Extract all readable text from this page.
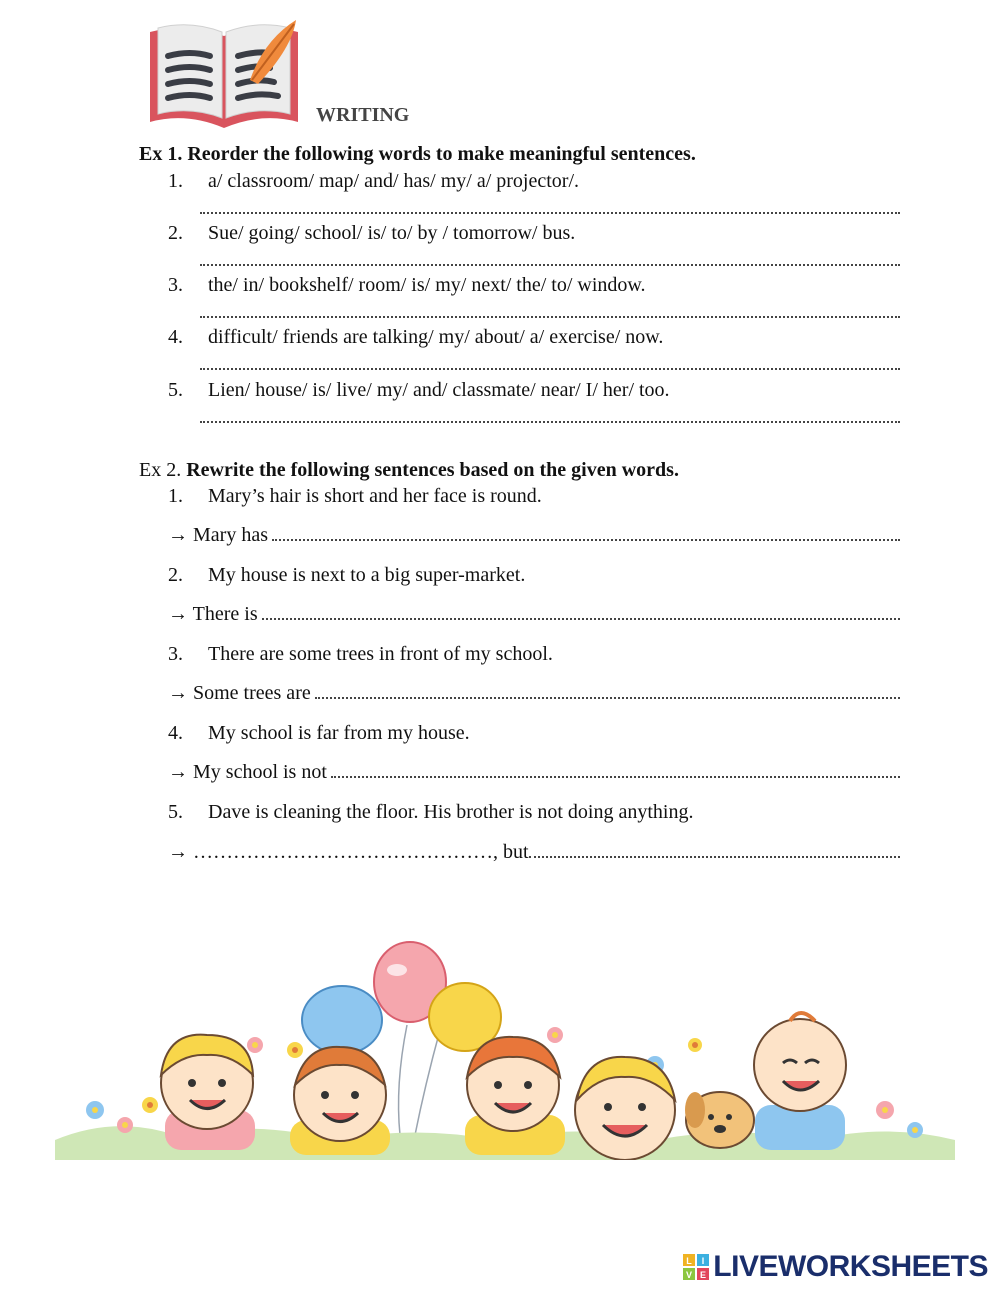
WRITING
Ex 1. Reorder the following words to make meaningful sentences.
1. a/ classroom/ map/ and/ has/ my/ a/ projector/.
2. Sue/ going/ school/ is/ to/ by / tomorrow/ bus.
3. the/ in/ bookshelf/ room/ is/ my/ next/ the/ to/ window.
4. difficult/ friends are talking/ my/ about/ a/ exercise/ now.
5. Lien/ house/ is/ live/ my/ and/ classmate/ near/ I/ her/ too.
Ex 2. Rewrite the following sentences based on the given words.
1. Mary’s hair is short and her face is round.
→ Mary has
2. My house is next to a big super-market.
→ There is
3. There are some trees in front of my school.
→ Some trees are
4. My school is far from my house.
→ My school is not
5. Dave is cleaning the floor. His brother is not doing anything.
→ ………………………………………, but
L I
V E LIVEWORKSHEETS
